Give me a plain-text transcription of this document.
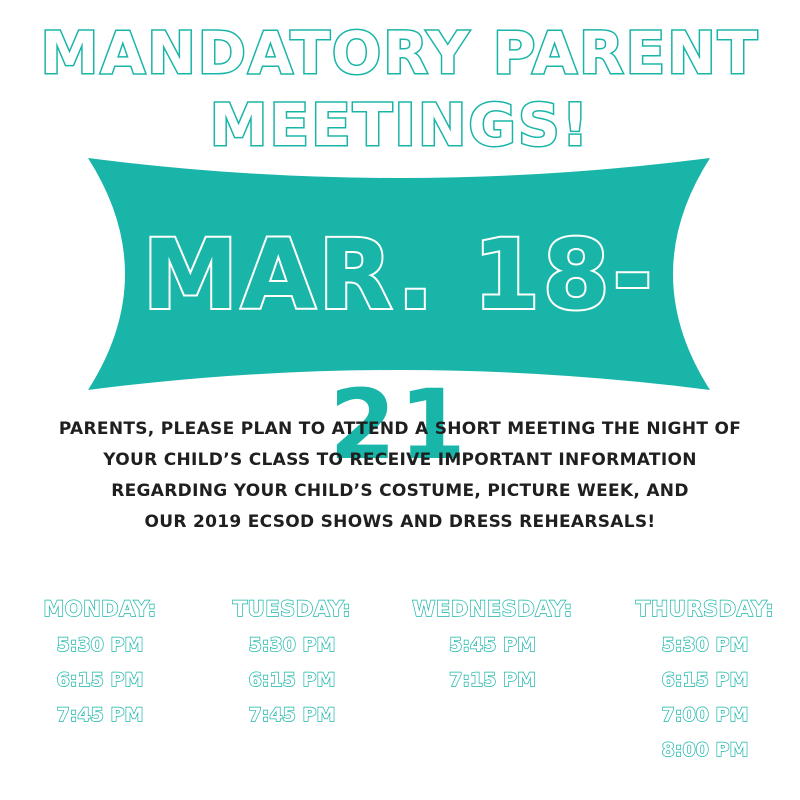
MANDATORY PARENT
MEETINGS!
MAR. 18-21
PARENTS, PLEASE PLAN TO ATTEND A SHORT MEETING THE NIGHT OF
YOUR CHILD’S CLASS TO RECEIVE IMPORTANT INFORMATION
REGARDING YOUR CHILD’S COSTUME, PICTURE WEEK, AND
OUR 2019 ECSOD SHOWS AND DRESS REHEARSALS!
MONDAY:
5:30 PM
6:15 PM
7:45 PM
TUESDAY:
5:30 PM
6:15 PM
7:45 PM
WEDNESDAY:
5:45 PM
7:15 PM
THURSDAY:
5:30 PM
6:15 PM
7:00 PM
8:00 PM
